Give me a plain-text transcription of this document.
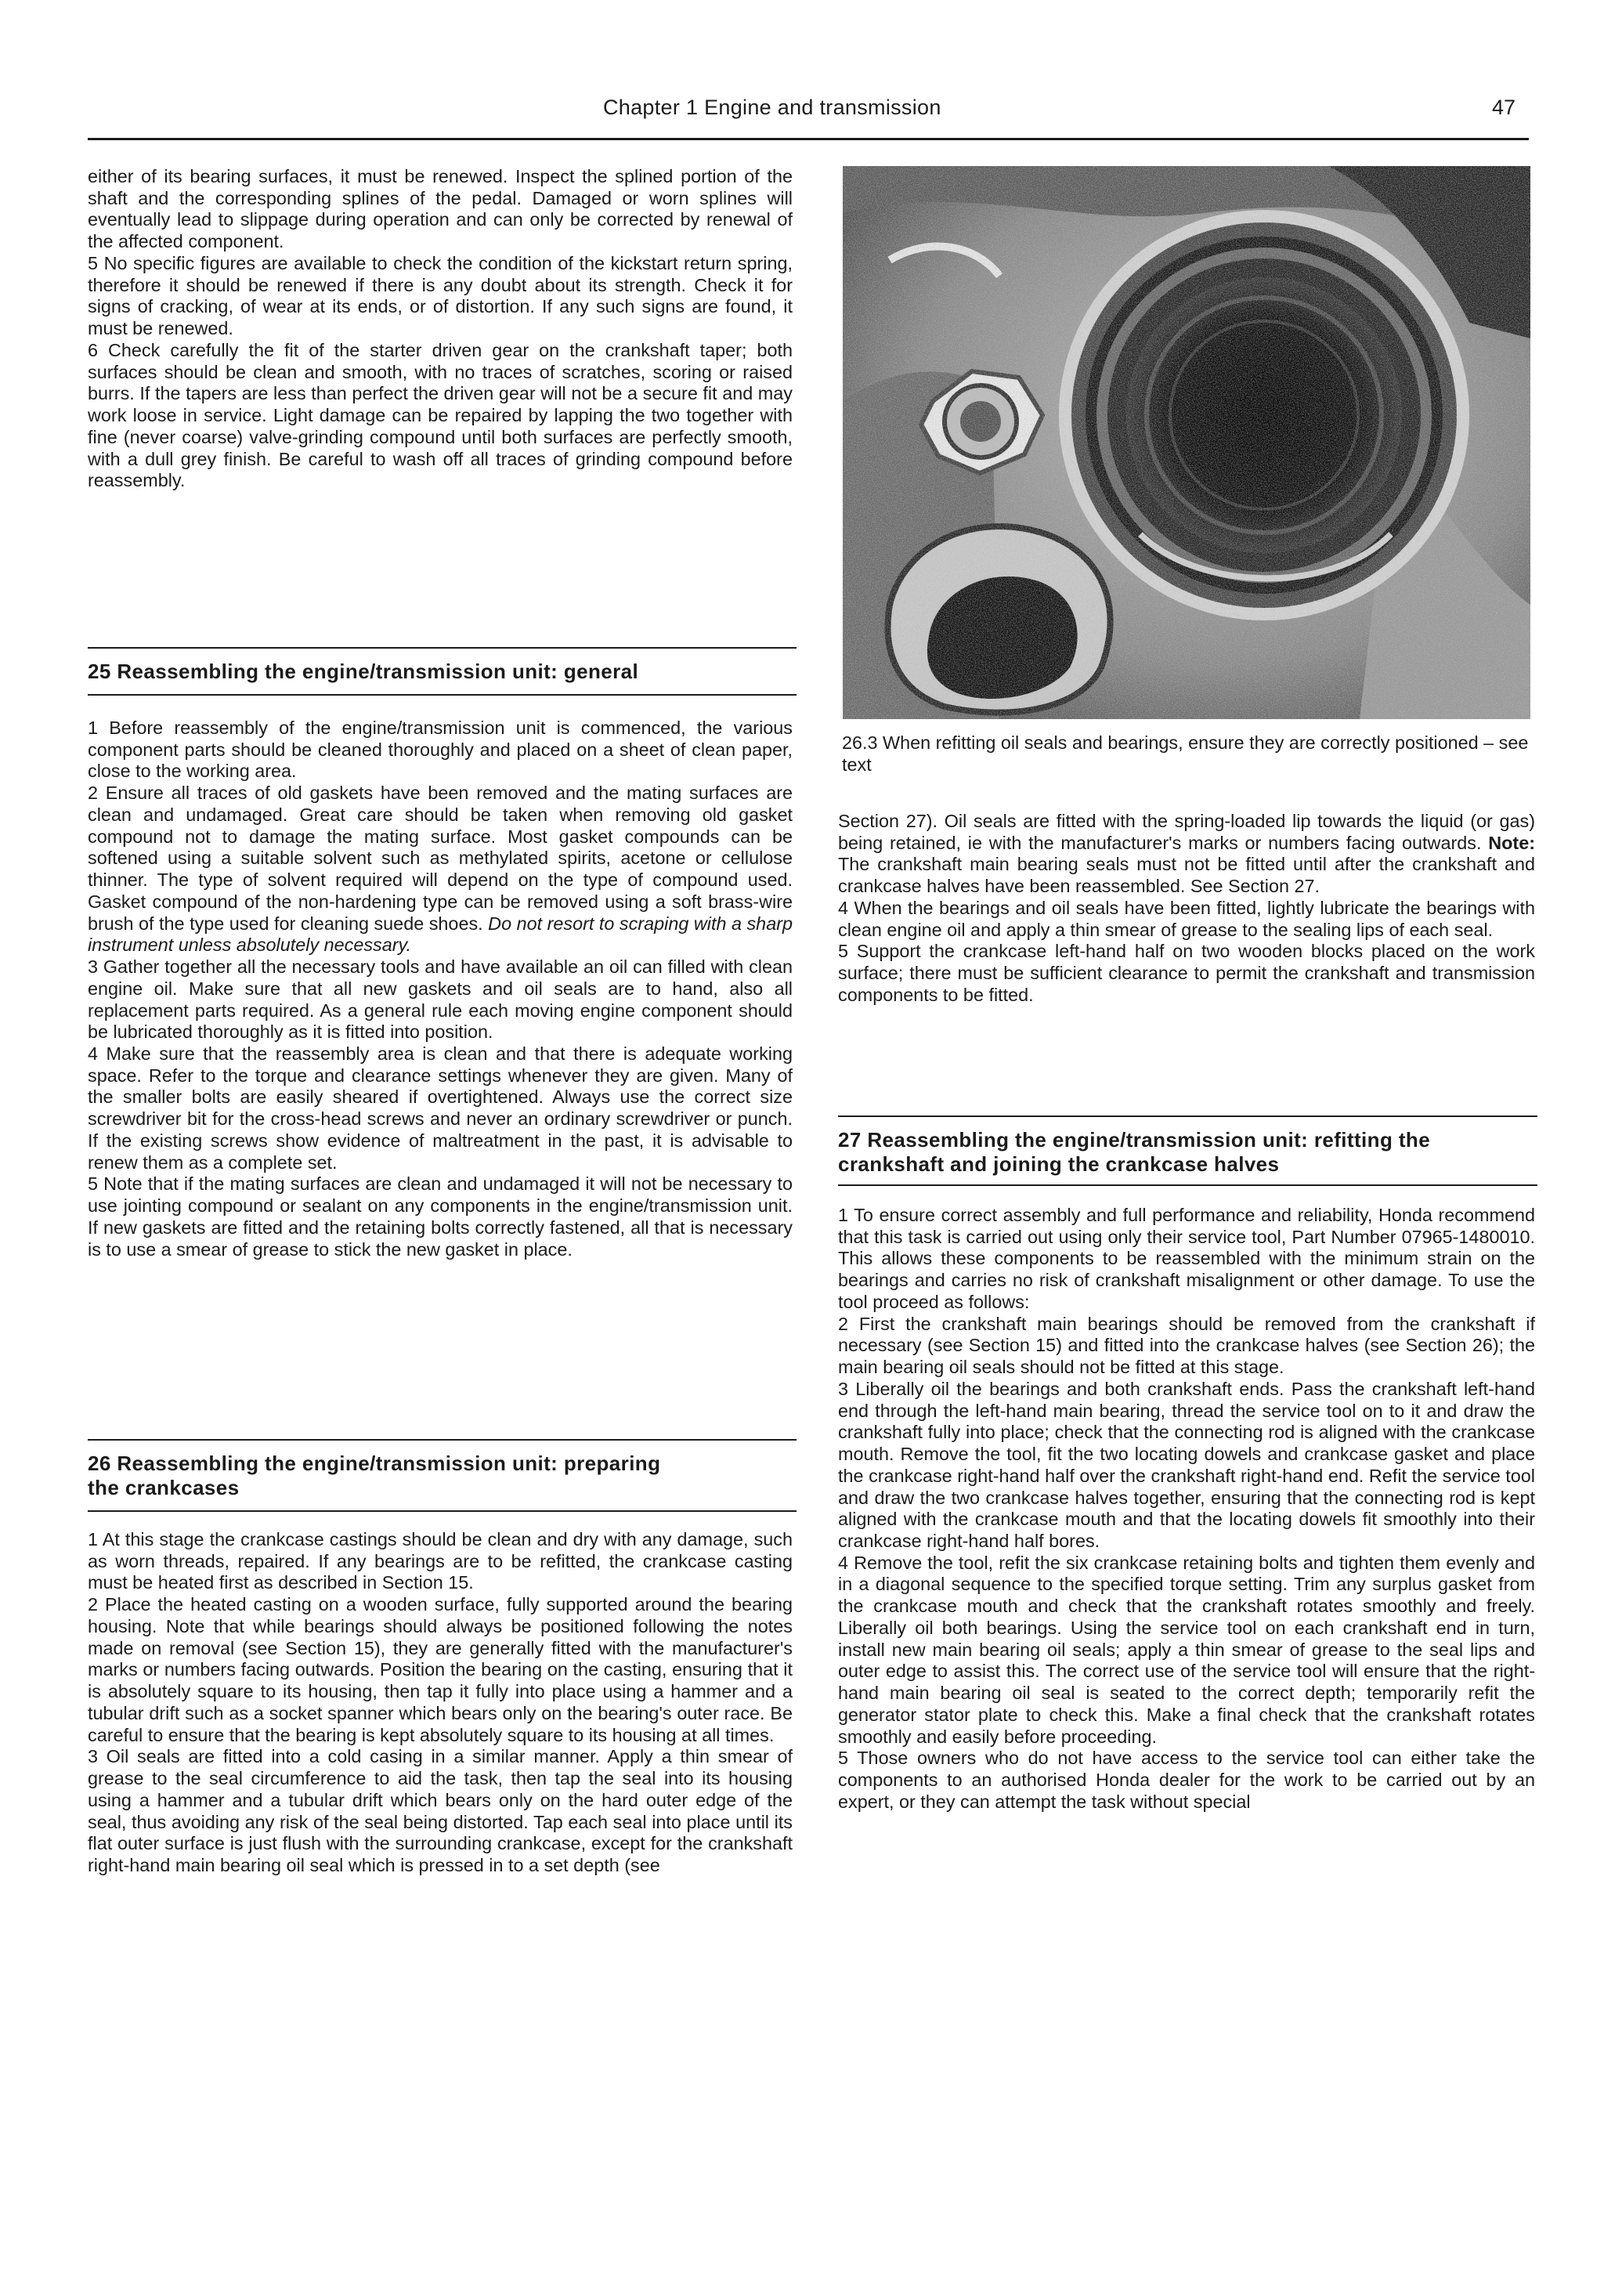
Chapter 1 Engine and transmission	47

either of its bearing surfaces, it must be renewed. Inspect the splined portion of the shaft and the corresponding splines of the pedal. Damaged or worn splines will eventually lead to slippage during operation and can only be corrected by renewal of the affected component.

5 No specific figures are available to check the condition of the kickstart return spring, therefore it should be renewed if there is any doubt about its strength. Check it for signs of cracking, of wear at its ends, or of distortion. If any such signs are found, it must be renewed.

6 Check carefully the fit of the starter driven gear on the crankshaft taper; both surfaces should be clean and smooth, with no traces of scratches, scoring or raised burrs. If the tapers are less than perfect the driven gear will not be a secure fit and may work loose in service. Light damage can be repaired by lapping the two together with fine (never coarse) valve-grinding compound until both surfaces are perfectly smooth, with a dull grey finish. Be careful to wash off all traces of grinding compound before reassembly.

25 Reassembling the engine/transmission unit: general

1 Before reassembly of the engine/transmission unit is commenced, the various component parts should be cleaned thoroughly and placed on a sheet of clean paper, close to the working area.

2 Ensure all traces of old gaskets have been removed and the mating surfaces are clean and undamaged. Great care should be taken when removing old gasket compound not to damage the mating surface. Most gasket compounds can be softened using a suitable solvent such as methylated spirits, acetone or cellulose thinner. The type of solvent required will depend on the type of compound used. Gasket compound of the non-hardening type can be removed using a soft brass-wire brush of the type used for cleaning suede shoes. Do not resort to scraping with a sharp instrument unless absolutely necessary.

3 Gather together all the necessary tools and have available an oil can filled with clean engine oil. Make sure that all new gaskets and oil seals are to hand, also all replacement parts required. As a general rule each moving engine component should be lubricated thoroughly as it is fitted into position.

4 Make sure that the reassembly area is clean and that there is adequate working space. Refer to the torque and clearance settings whenever they are given. Many of the smaller bolts are easily sheared if overtightened. Always use the correct size screwdriver bit for the cross-head screws and never an ordinary screwdriver or punch. If the existing screws show evidence of maltreatment in the past, it is advisable to renew them as a complete set.

5 Note that if the mating surfaces are clean and undamaged it will not be necessary to use jointing compound or sealant on any components in the engine/transmission unit. If new gaskets are fitted and the retaining bolts correctly fastened, all that is necessary is to use a smear of grease to stick the new gasket in place.

26 Reassembling the engine/transmission unit: preparing
the crankcases

1 At this stage the crankcase castings should be clean and dry with any damage, such as worn threads, repaired. If any bearings are to be refitted, the crankcase casting must be heated first as described in Section 15.

2 Place the heated casting on a wooden surface, fully supported around the bearing housing. Note that while bearings should always be positioned following the notes made on removal (see Section 15), they are generally fitted with the manufacturer's marks or numbers facing outwards. Position the bearing on the casting, ensuring that it is absolutely square to its housing, then tap it fully into place using a hammer and a tubular drift such as a socket spanner which bears only on the bearing's outer race. Be careful to ensure that the bearing is kept absolutely square to its housing at all times.

3 Oil seals are fitted into a cold casing in a similar manner. Apply a thin smear of grease to the seal circumference to aid the task, then tap the seal into its housing using a hammer and a tubular drift which bears only on the hard outer edge of the seal, thus avoiding any risk of the seal being distorted. Tap each seal into place until its flat outer surface is just flush with the surrounding crankcase, except for the crankshaft right-hand main bearing oil seal which is pressed in to a set depth (see

26.3 When refitting oil seals and bearings, ensure they are correctly positioned – see text

Section 27). Oil seals are fitted with the spring-loaded lip towards the liquid (or gas) being retained, ie with the manufacturer's marks or numbers facing outwards. Note: The crankshaft main bearing seals must not be fitted until after the crankshaft and crankcase halves have been reassembled. See Section 27.

4 When the bearings and oil seals have been fitted, lightly lubricate the bearings with clean engine oil and apply a thin smear of grease to the sealing lips of each seal.

5 Support the crankcase left-hand half on two wooden blocks placed on the work surface; there must be sufficient clearance to permit the crankshaft and transmission components to be fitted.

27 Reassembling the engine/transmission unit: refitting the
crankshaft and joining the crankcase halves

1 To ensure correct assembly and full performance and reliability, Honda recommend that this task is carried out using only their service tool, Part Number 07965-1480010. This allows these components to be reassembled with the minimum strain on the bearings and carries no risk of crankshaft misalignment or other damage. To use the tool proceed as follows:

2 First the crankshaft main bearings should be removed from the crankshaft if necessary (see Section 15) and fitted into the crankcase halves (see Section 26); the main bearing oil seals should not be fitted at this stage.

3 Liberally oil the bearings and both crankshaft ends. Pass the crankshaft left-hand end through the left-hand main bearing, thread the service tool on to it and draw the crankshaft fully into place; check that the connecting rod is aligned with the crankcase mouth. Remove the tool, fit the two locating dowels and crankcase gasket and place the crankcase right-hand half over the crankshaft right-hand end. Refit the service tool and draw the two crankcase halves together, ensuring that the connecting rod is kept aligned with the crankcase mouth and that the locating dowels fit smoothly into their crankcase right-hand half bores.

4 Remove the tool, refit the six crankcase retaining bolts and tighten them evenly and in a diagonal sequence to the specified torque setting. Trim any surplus gasket from the crankcase mouth and check that the crankshaft rotates smoothly and freely. Liberally oil both bearings. Using the service tool on each crankshaft end in turn, install new main bearing oil seals; apply a thin smear of grease to the seal lips and outer edge to assist this. The correct use of the service tool will ensure that the right-hand main bearing oil seal is seated to the correct depth; temporarily refit the generator stator plate to check this. Make a final check that the crankshaft rotates smoothly and easily before proceeding.

5 Those owners who do not have access to the service tool can either take the components to an authorised Honda dealer for the work to be carried out by an expert, or they can attempt the task without special
